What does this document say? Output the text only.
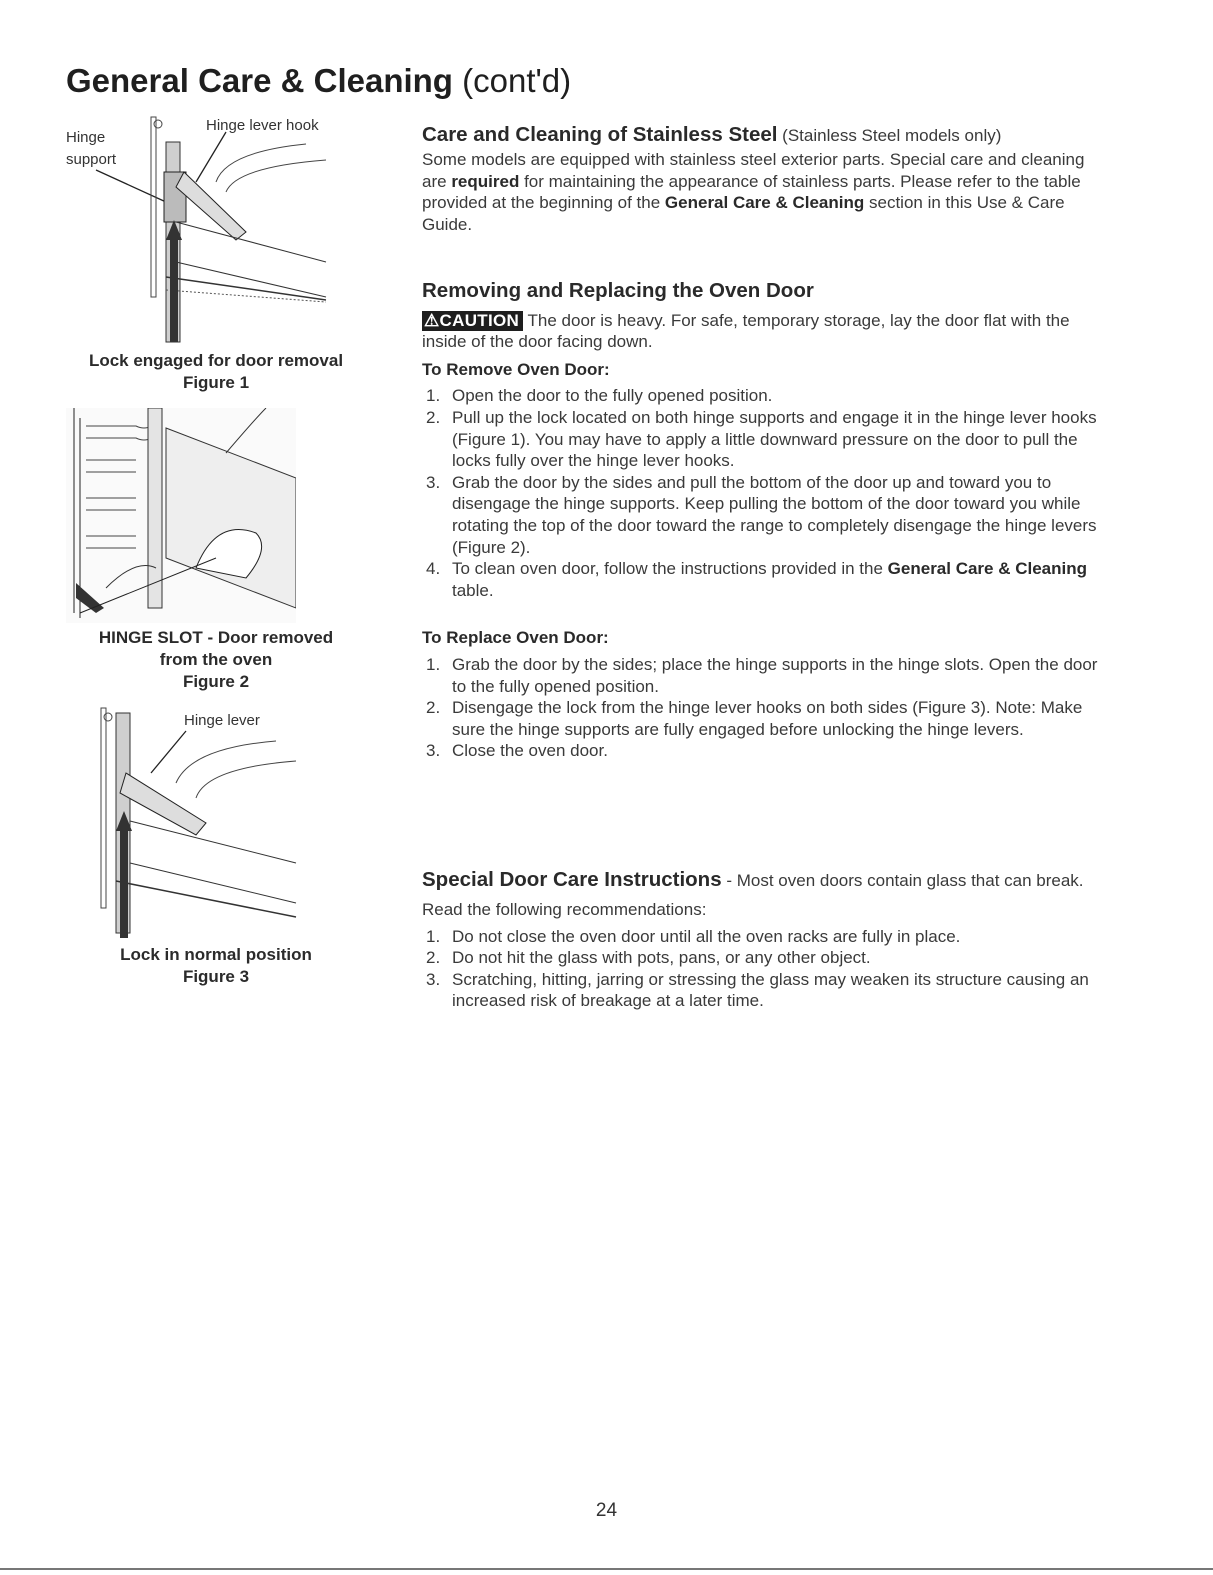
General Care & Cleaning (cont'd)
Hinge
support
Hinge lever hook
Lock engaged for door removal
Figure 1
HINGE SLOT - Door removed
from the oven
Figure 2
Hinge lever
Lock in normal position
Figure 3

Care and Cleaning of Stainless Steel (Stainless Steel models only)

Some models are equipped with stainless steel exterior parts. Special care and cleaning are required for maintaining the appearance of stainless parts. Please refer to the table provided at the beginning of the General Care & Cleaning section in this Use & Care Guide.

Removing and Replacing the Oven Door

⚠CAUTION The door is heavy. For safe, temporary storage, lay the door flat with the inside of the door facing down.

To Remove Oven Door:
1. Open the door to the fully opened position.
2. Pull up the lock located on both hinge supports and engage it in the hinge lever hooks (Figure 1). You may have to apply a little downward pressure on the door to pull the locks fully over the hinge lever hooks.
3. Grab the door by the sides and pull the bottom of the door up and toward you to disengage the hinge supports. Keep pulling the bottom of the door toward you while rotating the top of the door toward the range to completely disengage the hinge levers (Figure 2).
4. To clean oven door, follow the instructions provided in the General Care & Cleaning table.
To Replace Oven Door:
1. Grab the door by the sides; place the hinge supports in the hinge slots. Open the door to the fully opened position.
2. Disengage the lock from the hinge lever hooks on both sides (Figure 3). Note: Make sure the hinge supports are fully engaged before unlocking the hinge levers.
3. Close the oven door.

Special Door Care Instructions - Most oven doors contain glass that can break.

Read the following recommendations:

1. Do not close the oven door until all the oven racks are fully in place.
2. Do not hit the glass with pots, pans, or any other object.
3. Scratching, hitting, jarring or stressing the glass may weaken its structure causing an increased risk of breakage at a later time.
24
